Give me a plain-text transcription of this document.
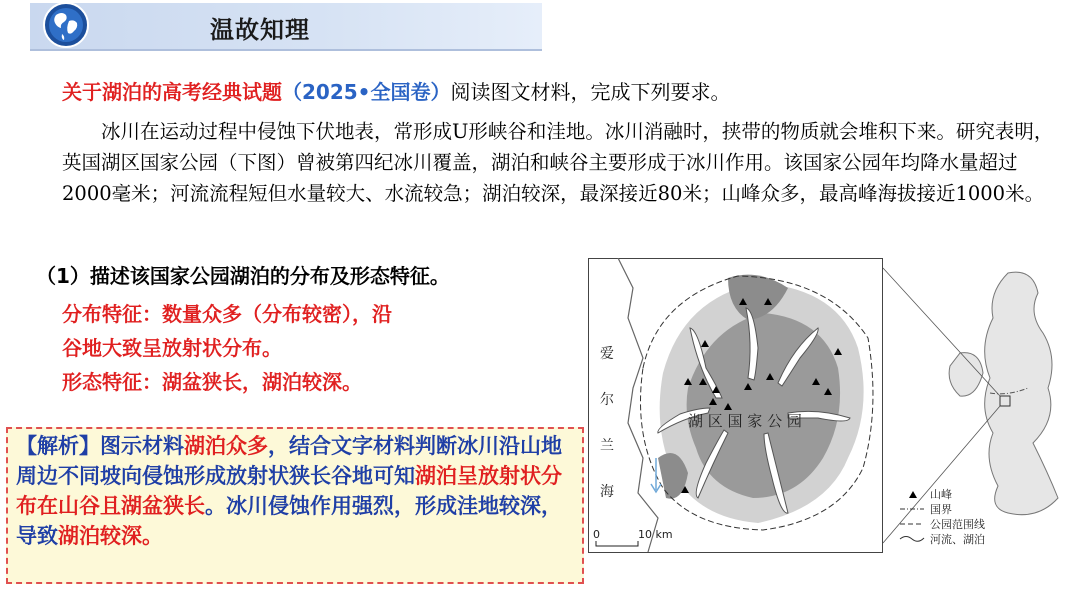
温故知理
关于湖泊的高考经典试题（2025•全国卷）阅读图文材料，完成下列要求。
冰川在运动过程中侵蚀下伏地表，常形成U形峡谷和洼地。冰川消融时，挟带的物质就会堆积下来。研究表明，英国湖区国家公园（下图）曾被第四纪冰川覆盖，湖泊和峡谷主要形成于冰川作用。该国家公园年均降水量超过2000毫米；河流流程短但水量较大、水流较急；湖泊较深，最深接近80米；山峰众多，最高峰海拔接近1000米。
（1）描述该国家公园湖泊的分布及形态特征。
分布特征：数量众多（分布较密），沿
谷地大致呈放射状分布。
形态特征：湖盆狭长，湖泊较深。
【解析】图示材料湖泊众多，结合文字材料判断冰川沿山地周边不同坡向侵蚀形成放射状狭长谷地可知湖泊呈放射状分布在山谷且湖盆狭长。冰川侵蚀作用强烈，形成洼地较深，导致湖泊较深。
湖 区 国 家 公 园
爱
尔
兰
海
0	10 km
山峰
国界
公园范围线
河流、湖泊
